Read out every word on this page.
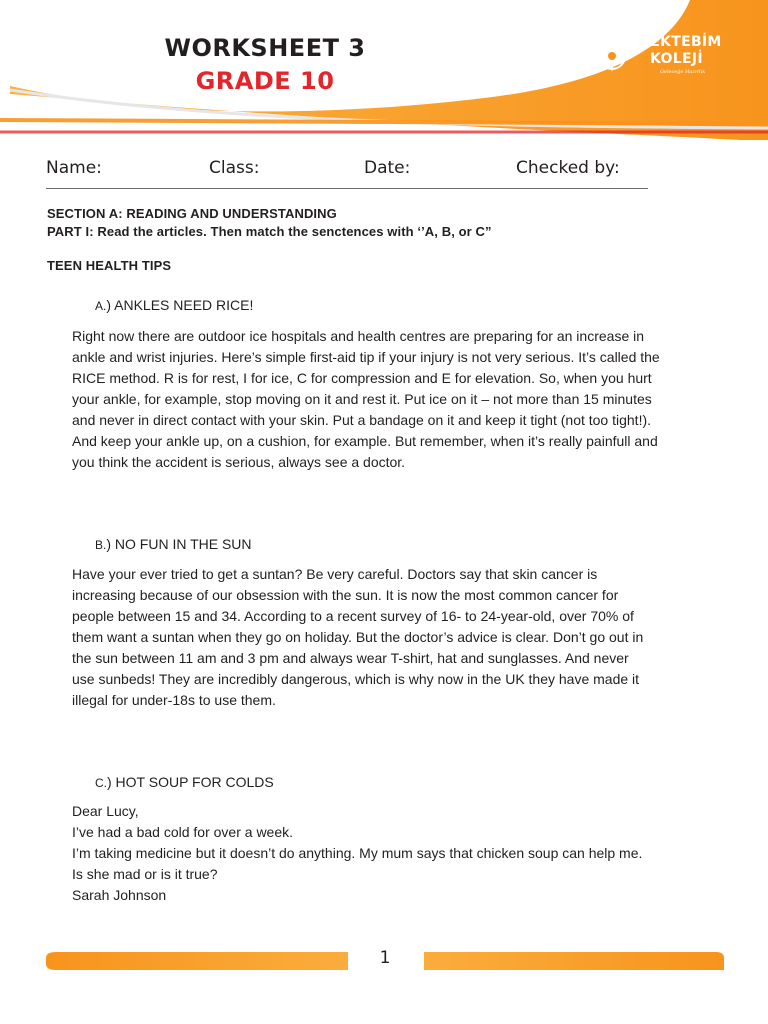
WORKSHEET 3
GRADE 10
MEKTEBİM
KOLEJİ
Geleceğe Hazırlık
Name:	Class:	Date:	Checked by:
SECTION A: READING AND UNDERSTANDING
PART I: Read the articles. Then match the senctences with ‘’A, B, or C”
TEEN HEALTH TIPS
A.) ANKLES NEED RICE!

Right now there are outdoor ice hospitals and health centres are preparing for an increase in
ankle and wrist injuries. Here’s simple first-aid tip if your injury is not very serious. It’s called the
RICE method. R is for rest, I for ice, C for compression and E for elevation. So, when you hurt
your ankle, for example, stop moving on it and rest it. Put ice on it – not more than 15 minutes
and never in direct contact with your skin. Put a bandage on it and keep it tight (not too tight!).
And keep your ankle up, on a cushion, for example. But remember, when it’s really painfull and
you think the accident is serious, always see a doctor.

B.) NO FUN IN THE SUN

Have your ever tried to get a suntan? Be very careful. Doctors say that skin cancer is
increasing because of our obsession with the sun. It is now the most common cancer for
people between 15 and 34. According to a recent survey of 16- to 24-year-old, over 70% of
them want a suntan when they go on holiday. But the doctor’s advice is clear. Don’t go out in
the sun between 11 am and 3 pm and always wear T-shirt, hat and sunglasses. And never
use sunbeds! They are incredibly dangerous, which is why now in the UK they have made it
illegal for under-18s to use them.

C.) HOT SOUP FOR COLDS

Dear Lucy,
I’ve had a bad cold for over a week.
I’m taking medicine but it doesn’t do anything. My mum says that chicken soup can help me.
Is she mad or is it true?
Sarah Johnson

1
